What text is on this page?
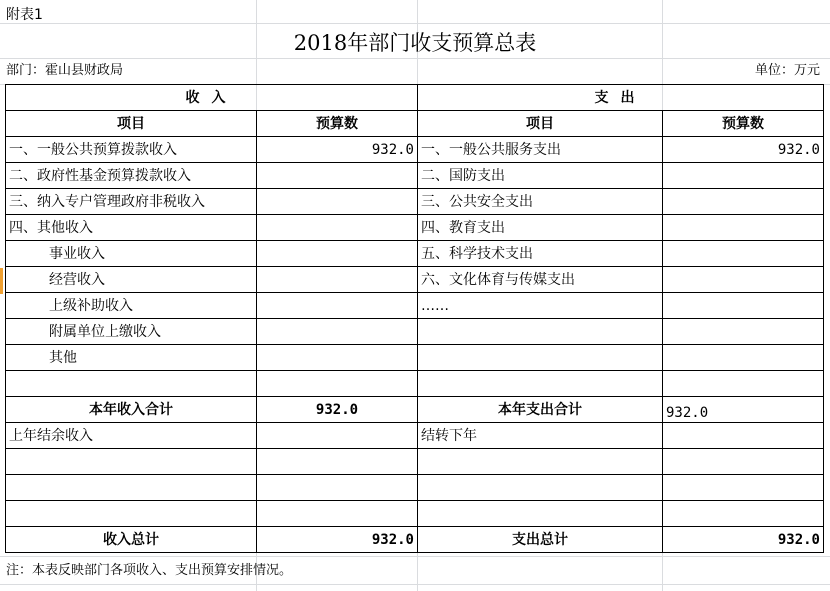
附表1
2018年部门收支预算总表
部门：霍山县财政局	单位：万元
收入		支出	
项目	预算数	项目	预算数
一、一般公共预算拨款收入	932.0	一、一般公共服务支出	932.0
二、政府性基金预算拨款收入		二、国防支出	
三、纳入专户管理政府非税收入		三、公共安全支出	
四、其他收入		四、教育支出	
事业收入		五、科学技术支出	
经营收入		六、文化体育与传媒支出	
上级补助收入		……	
附属单位上缴收入			
其他			

本年收入合计	932.0	本年支出合计	932.0
上年结余收入		结转下年	

收入总计	932.0	支出总计	932.0
注：本表反映部门各项收入、支出预算安排情况。
